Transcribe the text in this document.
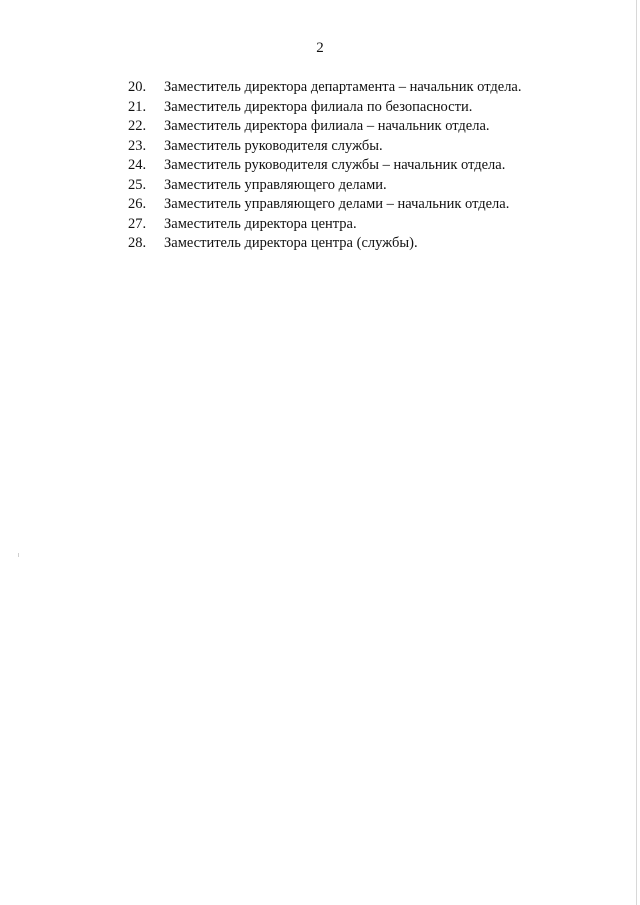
2
20.	Заместитель директора департамента – начальник отдела.
21.	Заместитель директора филиала по безопасности.
22.	Заместитель директора филиала – начальник отдела.
23.	Заместитель руководителя службы.
24.	Заместитель руководителя службы – начальник отдела.
25.	Заместитель управляющего делами.
26.	Заместитель управляющего делами – начальник отдела.
27.	Заместитель директора центра.
28.	Заместитель директора центра (службы).
